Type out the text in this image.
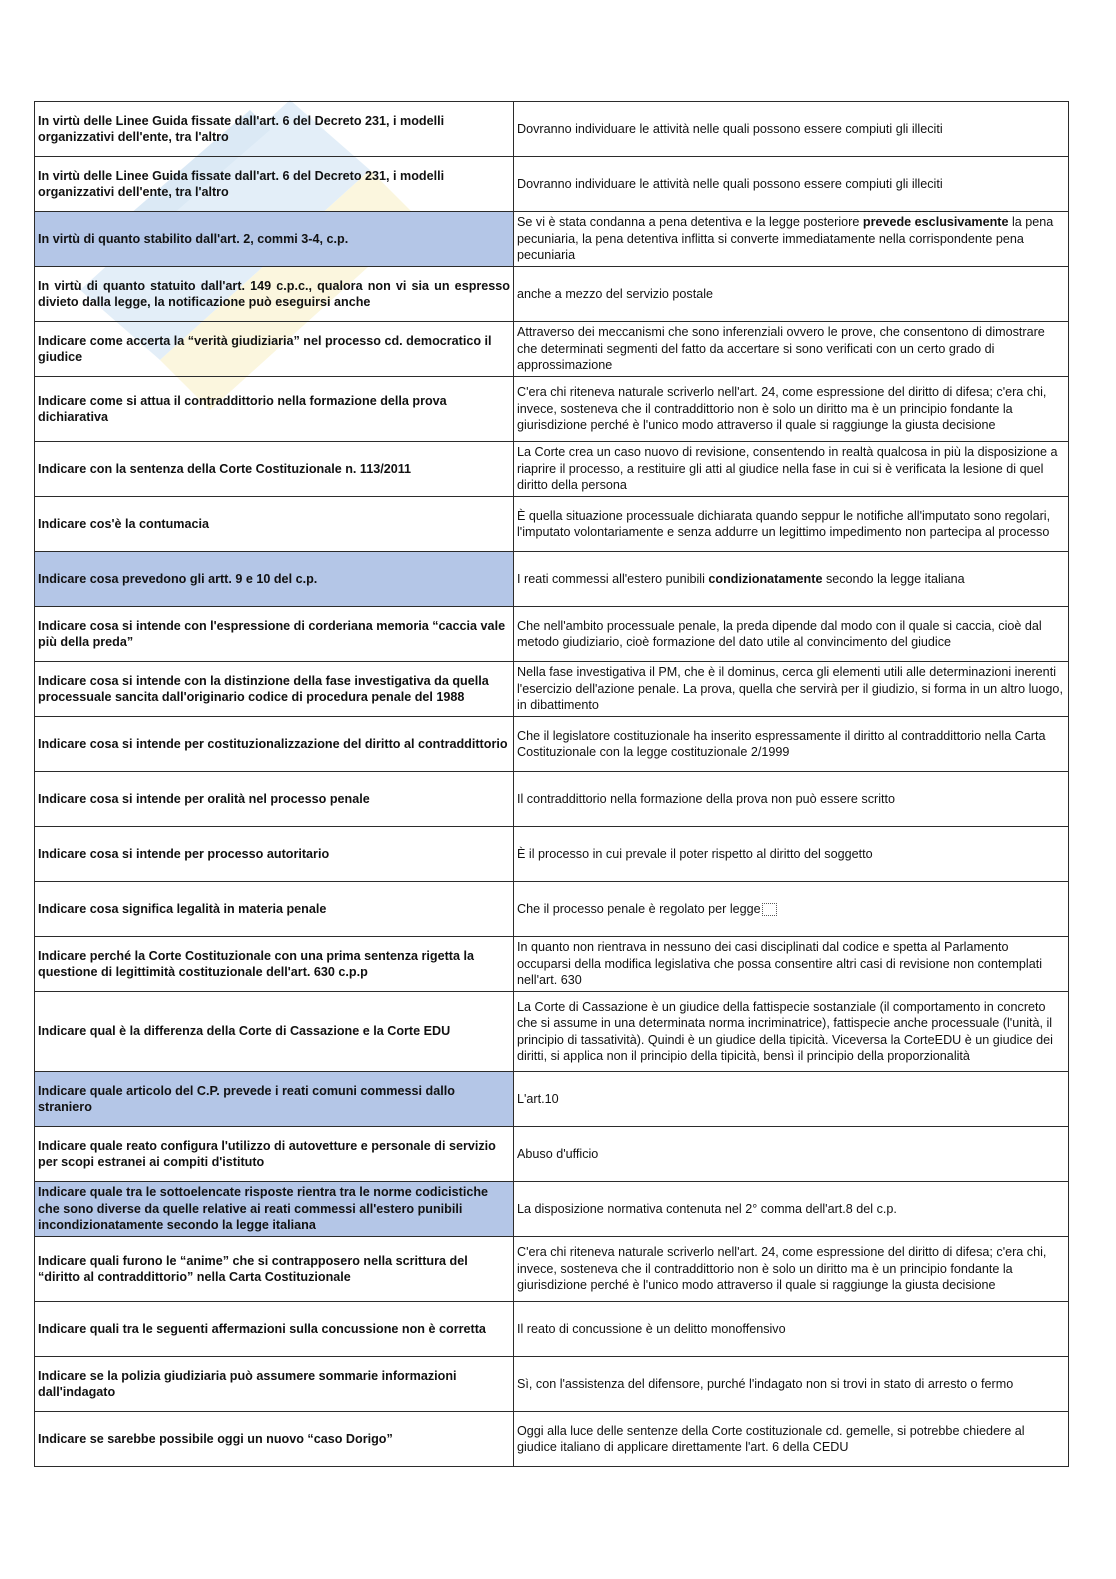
In virtù delle Linee Guida fissate dall'art. 6 del Decreto 231, i modelli organizzativi dell'ente, tra l'altro	Dovranno individuare le attività nelle quali possono essere compiuti gli illeciti
In virtù delle Linee Guida fissate dall'art. 6 del Decreto 231, i modelli organizzativi dell'ente, tra l'altro	Dovranno individuare le attività nelle quali possono essere compiuti gli illeciti
In virtù di quanto stabilito dall'art. 2, commi 3-4, c.p.	Se vi è stata condanna a pena detentiva e la legge posteriore prevede esclusivamente la pena pecuniaria, la pena detentiva inflitta si converte immediatamente nella corrispondente pena pecuniaria
In virtù di quanto statuito dall'art. 149 c.p.c., qualora non vi sia un espresso divieto dalla legge, la notificazione può eseguirsi anche	anche a mezzo del servizio postale
Indicare come accerta la “verità giudiziaria” nel processo cd. democratico il giudice	Attraverso dei meccanismi che sono inferenziali ovvero le prove, che consentono di dimostrare che determinati segmenti del fatto da accertare si sono verificati con un certo grado di approssimazione
Indicare come si attua il contraddittorio nella formazione della prova dichiarativa	C'era chi riteneva naturale scriverlo nell'art. 24, come espressione del diritto di difesa; c'era chi, invece, sosteneva che il contraddittorio non è solo un diritto ma è un principio fondante la giurisdizione perché è l'unico modo attraverso il quale si raggiunge la giusta decisione
Indicare con la sentenza della Corte Costituzionale n. 113/2011	La Corte crea un caso nuovo di revisione, consentendo in realtà qualcosa in più la disposizione a riaprire il processo, a restituire gli atti al giudice nella fase in cui si è verificata la lesione di quel diritto della persona
Indicare cos'è la contumacia	È quella situazione processuale dichiarata quando seppur le notifiche all'imputato sono regolari, l'imputato volontariamente e senza addurre un legittimo impedimento non partecipa al processo
Indicare cosa prevedono gli artt. 9 e 10 del c.p.	I reati commessi all'estero punibili condizionatamente secondo la legge italiana
Indicare cosa si intende con l'espressione di corderiana memoria “caccia vale più della preda”	Che nell'ambito processuale penale, la preda dipende dal modo con il quale si caccia, cioè dal metodo giudiziario, cioè formazione del dato utile al convincimento del giudice
Indicare cosa si intende con la distinzione della fase investigativa da quella processuale sancita dall'originario codice di procedura penale del 1988	Nella fase investigativa il PM, che è il dominus, cerca gli elementi utili alle determinazioni inerenti l'esercizio dell'azione penale. La prova, quella che servirà per il giudizio, si forma in un altro luogo, in dibattimento
Indicare cosa si intende per costituzionalizzazione del diritto al contraddittorio	Che il legislatore costituzionale ha inserito espressamente il diritto al contraddittorio nella Carta Costituzionale con la legge costituzionale 2/1999
Indicare cosa si intende per oralità nel processo penale	Il contraddittorio nella formazione della prova non può essere scritto
Indicare cosa si intende per processo autoritario	È il processo in cui prevale il poter rispetto al diritto del soggetto
Indicare cosa significa legalità in materia penale	Che il processo penale è regolato per legge
Indicare perché la Corte Costituzionale con una prima sentenza rigetta la questione di legittimità costituzionale dell'art. 630 c.p.p	In quanto non rientrava in nessuno dei casi disciplinati dal codice e spetta al Parlamento occuparsi della modifica legislativa che possa consentire altri casi di revisione non contemplati nell'art. 630
Indicare qual è la differenza della Corte di Cassazione e la Corte EDU	La Corte di Cassazione è un giudice della fattispecie sostanziale (il comportamento in concreto che si assume in una determinata norma incriminatrice), fattispecie anche processuale (l'unità, il principio di tassatività). Quindi è un giudice della tipicità. Viceversa la CorteEDU è un giudice dei diritti, si applica non il principio della tipicità, bensì il principio della proporzionalità
Indicare quale articolo del C.P. prevede i reati comuni commessi dallo straniero	L'art.10
Indicare quale reato configura l'utilizzo di autovetture e personale di servizio per scopi estranei ai compiti d'istituto	Abuso d'ufficio
Indicare quale tra le sottoelencate risposte rientra tra le norme codicistiche che sono diverse da quelle relative ai reati commessi all'estero punibili incondizionatamente secondo la legge italiana	La disposizione normativa contenuta nel 2° comma dell'art.8 del c.p.
Indicare quali furono le “anime” che si contrapposero nella scrittura del “diritto al contraddittorio” nella Carta Costituzionale	C'era chi riteneva naturale scriverlo nell'art. 24, come espressione del diritto di difesa; c'era chi, invece, sosteneva che il contraddittorio non è solo un diritto ma è un principio fondante la giurisdizione perché è l'unico modo attraverso il quale si raggiunge la giusta decisione
Indicare quali tra le seguenti affermazioni sulla concussione non è corretta	Il reato di concussione è un delitto monoffensivo
Indicare se la polizia giudiziaria può assumere sommarie informazioni dall'indagato	Sì, con l'assistenza del difensore, purché l'indagato non si trovi in stato di arresto o fermo
Indicare se sarebbe possibile oggi un nuovo “caso Dorigo”	Oggi alla luce delle sentenze della Corte costituzionale cd. gemelle, si potrebbe chiedere al giudice italiano di applicare direttamente l'art. 6 della CEDU
